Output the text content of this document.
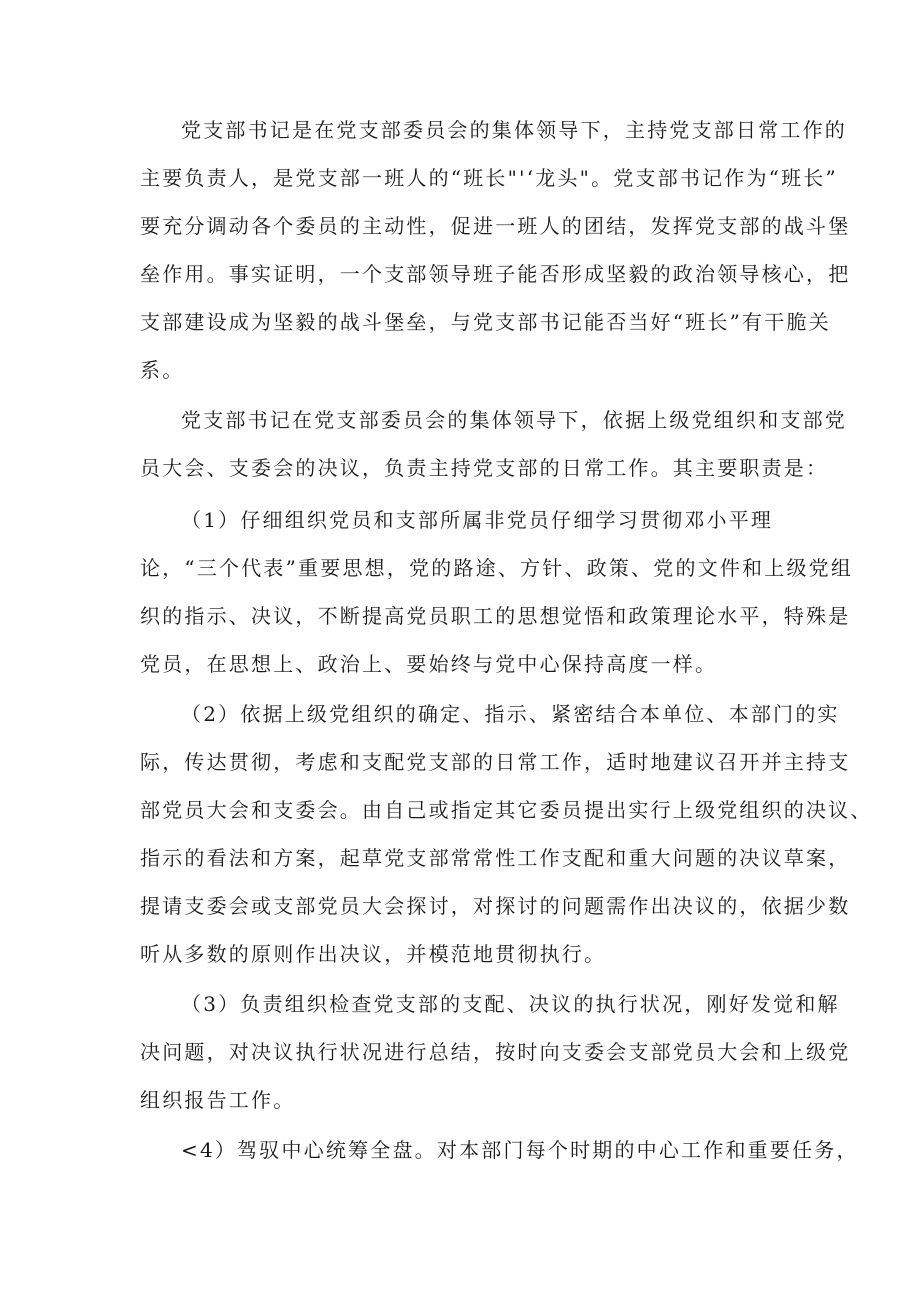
党支部书记是在党支部委员会的集体领导下，主持党支部日常工作的
主要负责人，是党支部一班人的“班长"'‘龙头"。党支部书记作为“班长”
要充分调动各个委员的主动性，促进一班人的团结，发挥党支部的战斗堡
垒作用。事实证明，一个支部领导班子能否形成坚毅的政治领导核心，把
支部建设成为坚毅的战斗堡垒，与党支部书记能否当好“班长”有干脆关
系。
党支部书记在党支部委员会的集体领导下，依据上级党组织和支部党
员大会、支委会的决议，负责主持党支部的日常工作。其主要职责是：
（1）仔细组织党员和支部所属非党员仔细学习贯彻邓小平理
论，“三个代表”重要思想，党的路途、方针、政策、党的文件和上级党组
织的指示、决议，不断提高党员职工的思想觉悟和政策理论水平，特殊是
党员，在思想上、政治上、要始终与党中心保持高度一样。
（2）依据上级党组织的确定、指示、紧密结合本单位、本部门的实
际，传达贯彻，考虑和支配党支部的日常工作，适时地建议召开并主持支
部党员大会和支委会。由自己或指定其它委员提出实行上级党组织的决议、
指示的看法和方案，起草党支部常常性工作支配和重大问题的决议草案，
提请支委会或支部党员大会探讨，对探讨的问题需作出决议的，依据少数
听从多数的原则作出决议，并模范地贯彻执行。
（3）负责组织检查党支部的支配、决议的执行状况，刚好发觉和解
决问题，对决议执行状况进行总结，按时向支委会支部党员大会和上级党
组织报告工作。
<4）驾驭中心统筹全盘。对本部门每个时期的中心工作和重要任务，
